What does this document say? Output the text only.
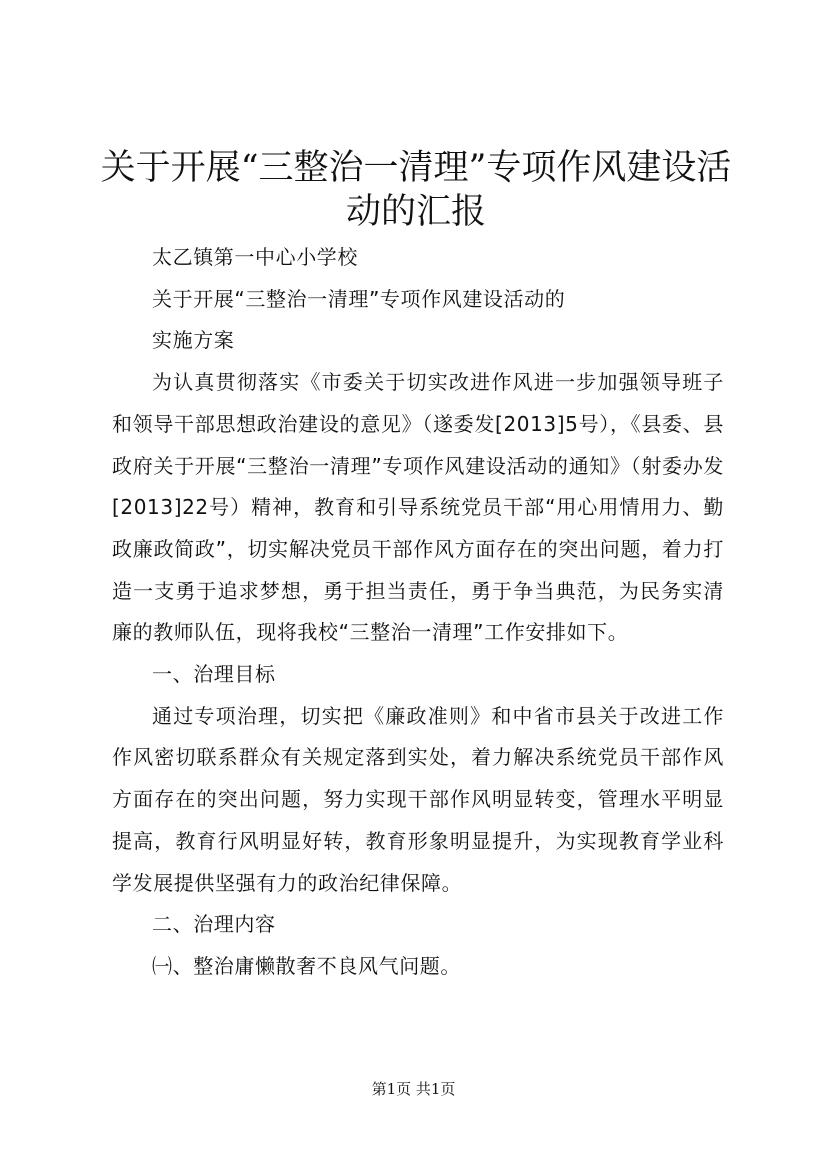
关于开展“三整治一清理”专项作风建设活动的汇报

太乙镇第一中心小学校

关于开展“三整治一清理”专项作风建设活动的

实施方案

为认真贯彻落实《市委关于切实改进作风进一步加强领导班子和领导干部思想政治建设的意见》（遂委发[2013]5号），《县委、县政府关于开展“三整治一清理”专项作风建设活动的通知》（射委办发[2013]22号）精神，教育和引导系统党员干部“用心用情用力、勤政廉政简政”，切实解决党员干部作风方面存在的突出问题，着力打造一支勇于追求梦想，勇于担当责任，勇于争当典范，为民务实清廉的教师队伍，现将我校“三整治一清理”工作安排如下。

一、治理目标

通过专项治理，切实把《廉政准则》和中省市县关于改进工作作风密切联系群众有关规定落到实处，着力解决系统党员干部作风方面存在的突出问题，努力实现干部作风明显转变，管理水平明显提高，教育行风明显好转，教育形象明显提升，为实现教育学业科学发展提供坚强有力的政治纪律保障。

二、治理内容

㈠、整治庸懒散奢不良风气问题。

第1页 共1页
